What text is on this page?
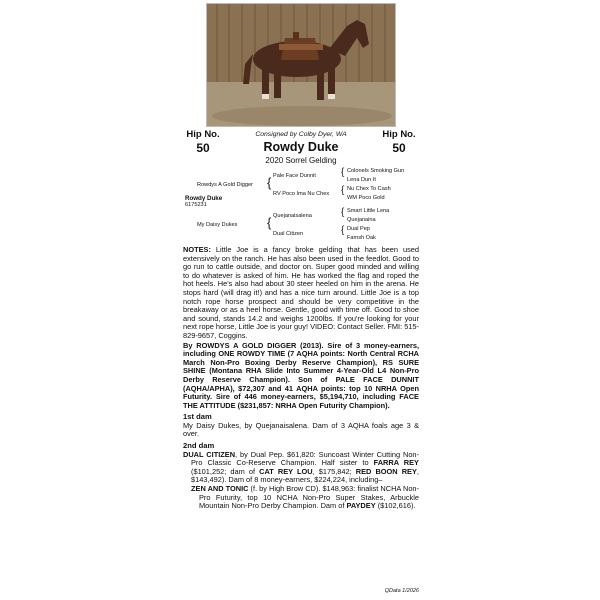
Hip No.
50
Hip No.
50
Consigned by Colby Dyer, WA
Rowdy Duke
2020 Sorrel Gelding
Colonels Smoking Gun
Lena Dun It
Nu Chex To Cash
WM Poco Gold
Smart Little Lena
Quejanaina
Dual Pep
Famsh Oak
{
{
{
{
Pale Face Dunnit
RV Poco Ima Nu Chex
Quejanaisalena
Dual Citizen
{
{
Rowdys A Gold Digger
Rowdy Duke
6175231
My Daisy Dukes

NOTES: Little Joe is a fancy broke gelding that has been used extensively on the ranch. He has also been used in the feedlot. Good to go run to cattle outside, and doctor on. Super good minded and willing to do whatever is asked of him. He has worked the flag and roped the hot heels. He's also had about 30 steer heeled on him in the arena. He stops hard (will drag it!) and has a nice turn around. Little Joe is a top notch rope horse prospect and should be very competitive in the breakaway or as a heel horse. Gentle, good with time off. Good to shoe and sound, stands 14.2 and weighs 1200lbs. If you're looking for your next rope horse, Little Joe is your guy! VIDEO: Contact Seller. FMI: 515-829-9657, Coggins.

By ROWDYS A GOLD DIGGER (2013). Sire of 3 money-earners, including ONE ROWDY TIME (7 AQHA points: North Central RCHA March Non-Pro Boxing Derby Reserve Champion), RS SURE SHINE (Montana RHA Slide Into Summer 4-Year-Old L4 Non-Pro Derby Reserve Champion). Son of PALE FACE DUNNIT (AQHA/APHA), $72,307 and 41 AQHA points: top 10 NRHA Open Futurity. Sire of 446 money-earners, $5,194,710, including FACE THE ATTITUDE ($231,857: NRHA Open Futurity Champion).

1st dam

My Daisy Dukes, by Quejanaisalena. Dam of 3 AQHA foals age 3 & over.

2nd dam

DUAL CITIZEN, by Dual Pep. $61,820: Suncoast Winter Cutting Non-Pro Classic Co-Reserve Champion. Half sister to FARRA REY ($101,252; dam of CAT REY LOU, $175,842; RED BOON REY, $143,492). Dam of 8 money-earners, $224,224, including–

ZEN AND TONIC (f. by High Brow CD). $148,963: finalist NCHA Non-Pro Futurity, top 10 NCHA Non-Pro Super Stakes, Arbuckle Mountain Non-Pro Derby Champion. Dam of PAYDEY ($102,616).

QData 1/2026
